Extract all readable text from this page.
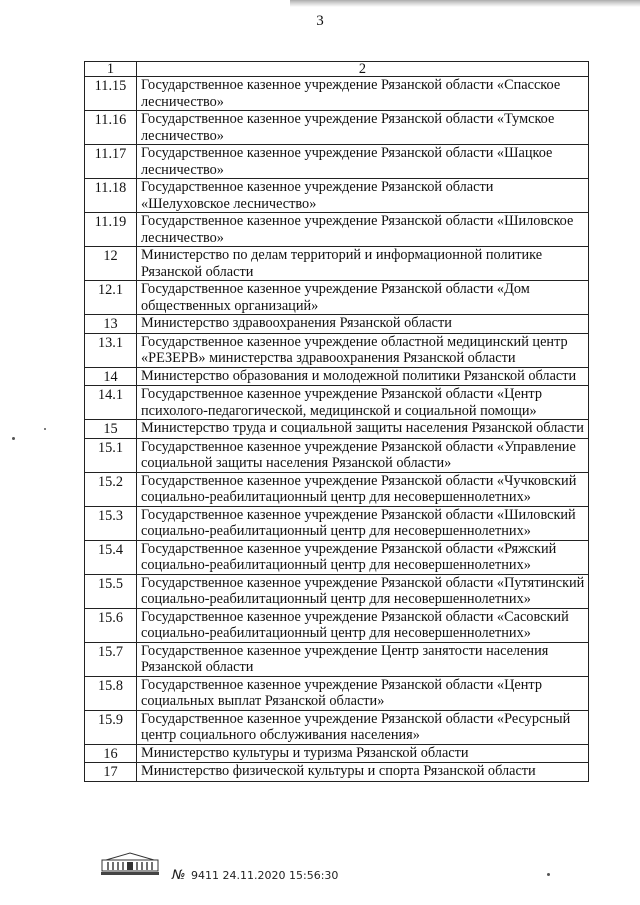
3
1	2
11.15	Государственное казенное учреждение Рязанской области «Спасское лесничество»
11.16	Государственное казенное учреждение Рязанской области «Тумское лесничество»
11.17	Государственное казенное учреждение Рязанской области «Шацкое лесничество»
11.18	Государственное казенное учреждение Рязанской области «Шелуховское лесничество»
11.19	Государственное казенное учреждение Рязанской области «Шиловское лесничество»
12	Министерство по делам территорий и информационной политике Рязанской области
12.1	Государственное казенное учреждение Рязанской области «Дом общественных организаций»
13	Министерство здравоохранения Рязанской области
13.1	Государственное казенное учреждение областной медицинский центр «РЕЗЕРВ» министерства здравоохранения Рязанской области
14	Министерство образования и молодежной политики Рязанской области
14.1	Государственное казенное учреждение Рязанской области «Центр психолого-педагогической, медицинской и социальной помощи»
15	Министерство труда и социальной защиты населения Рязанской области
15.1	Государственное казенное учреждение Рязанской области «Управление социальной защиты населения Рязанской области»
15.2	Государственное казенное учреждение Рязанской области «Чучковский социально-реабилитационный центр для несовершеннолетних»
15.3	Государственное казенное учреждение Рязанской области «Шиловский социально-реабилитационный центр для несовершеннолетних»
15.4	Государственное казенное учреждение Рязанской области «Ряжский социально-реабилитационный центр для несовершеннолетних»
15.5	Государственное казенное учреждение Рязанской области «Путятинский социально-реабилитационный центр для несовершеннолетних»
15.6	Государственное казенное учреждение Рязанской области «Сасовский социально-реабилитационный центр для несовершеннолетних»
15.7	Государственное казенное учреждение Центр занятости населения Рязанской области
15.8	Государственное казенное учреждение Рязанской области «Центр социальных выплат Рязанской области»
15.9	Государственное казенное учреждение Рязанской области «Ресурсный центр социального обслуживания населения»
16	Министерство культуры и туризма Рязанской области
17	Министерство физической культуры и спорта Рязанской области
№ 9411 24.11.2020 15:56:30
